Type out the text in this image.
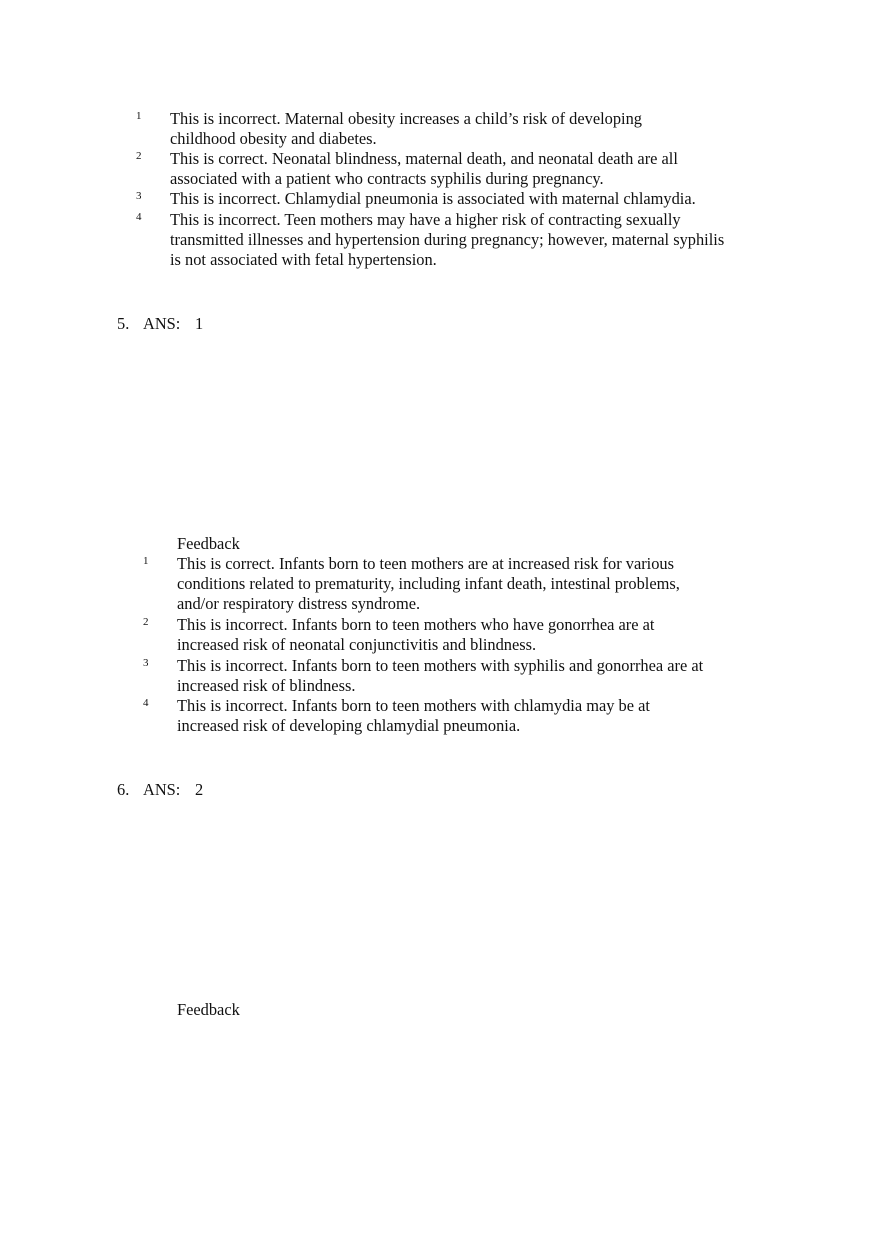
1 This is incorrect. Maternal obesity increases a child’s risk of developing childhood obesity and diabetes.
2 This is correct. Neonatal blindness, maternal death, and neonatal death are all associated with a patient who contracts syphilis during pregnancy.
3 This is incorrect. Chlamydial pneumonia is associated with maternal chlamydia.
4 This is incorrect. Teen mothers may have a higher risk of contracting sexually transmitted illnesses and hypertension during pregnancy; however, maternal syphilis is not associated with fetal hypertension.
5. ANS: 1
Feedback
1 This is correct. Infants born to teen mothers are at increased risk for various conditions related to prematurity, including infant death, intestinal problems, and/or respiratory distress syndrome.
2 This is incorrect. Infants born to teen mothers who have gonorrhea are at increased risk of neonatal conjunctivitis and blindness.
3 This is incorrect. Infants born to teen mothers with syphilis and gonorrhea are at increased risk of blindness.
4 This is incorrect. Infants born to teen mothers with chlamydia may be at increased risk of developing chlamydial pneumonia.
6. ANS: 2
Feedback
